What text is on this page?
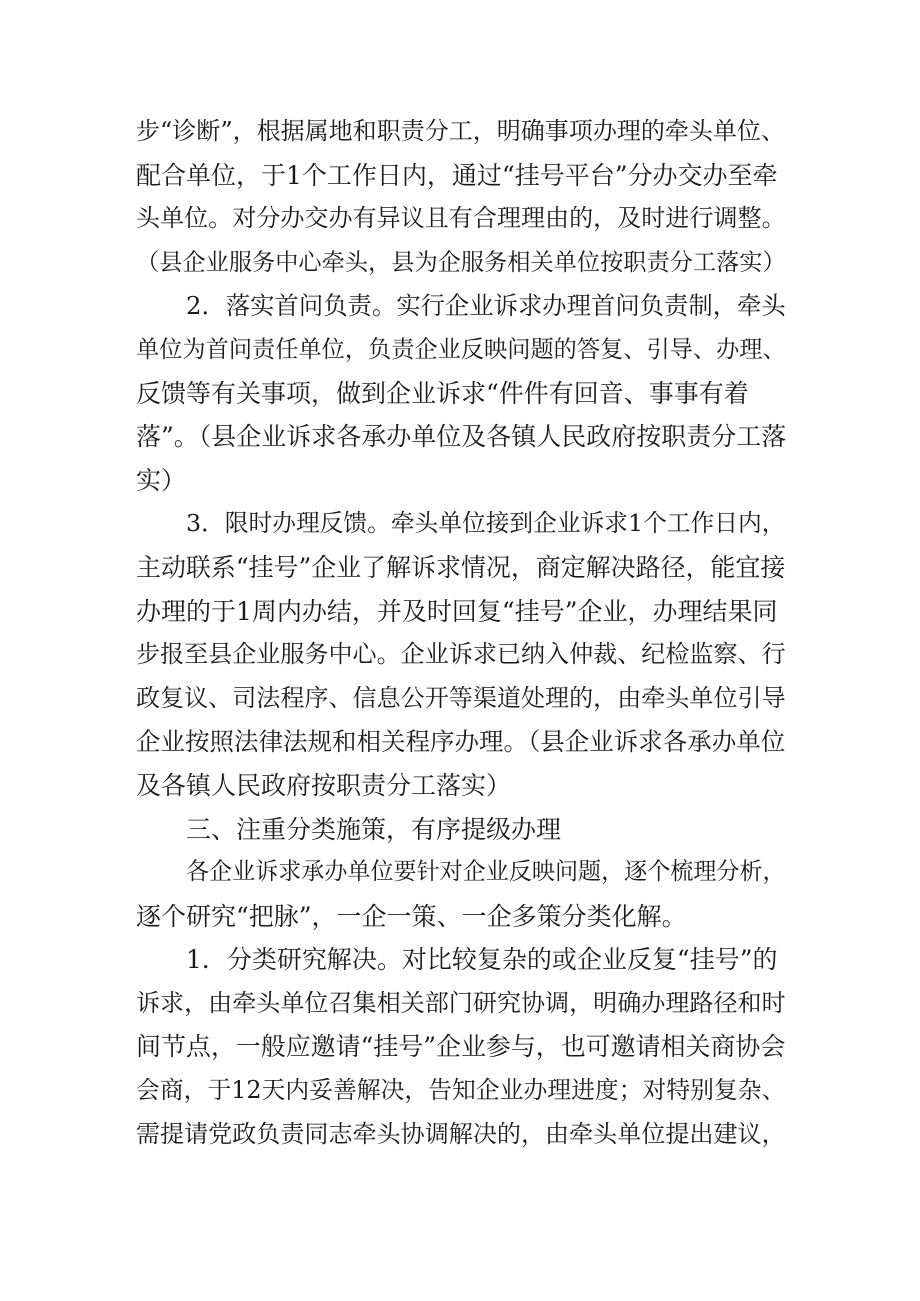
步“诊断”，根据属地和职责分工，明确事项办理的牵头单位、
配合单位，于1个工作日内，通过“挂号平台”分办交办至牵
头单位。对分办交办有异议且有合理理由的，及时进行调整。
（县企业服务中心牵头，县为企服务相关单位按职责分工落实）
2．落实首问负责。实行企业诉求办理首问负责制，牵头
单位为首问责任单位，负责企业反映问题的答复、引导、办理、
反馈等有关事项，做到企业诉求“件件有回音、事事有着
落”。（县企业诉求各承办单位及各镇人民政府按职责分工落
实）
3．限时办理反馈。牵头单位接到企业诉求1个工作日内，
主动联系“挂号”企业了解诉求情况，商定解决路径，能宜接
办理的于1周内办结，并及时回复“挂号”企业，办理结果同
步报至县企业服务中心。企业诉求已纳入仲裁、纪检监察、行
政复议、司法程序、信息公开等渠道处理的，由牵头单位引导
企业按照法律法规和相关程序办理。（县企业诉求各承办单位
及各镇人民政府按职责分工落实）
三、注重分类施策，有序提级办理
各企业诉求承办单位要针对企业反映问题，逐个梳理分析，
逐个研究“把脉”，一企一策、一企多策分类化解。
1．分类研究解决。对比较复杂的或企业反复“挂号”的
诉求，由牵头单位召集相关部门研究协调，明确办理路径和时
间节点，一般应邀请“挂号”企业参与，也可邀请相关商协会
会商，于12天内妥善解决，告知企业办理进度；对特别复杂、
需提请党政负责同志牵头协调解决的，由牵头单位提出建议，
